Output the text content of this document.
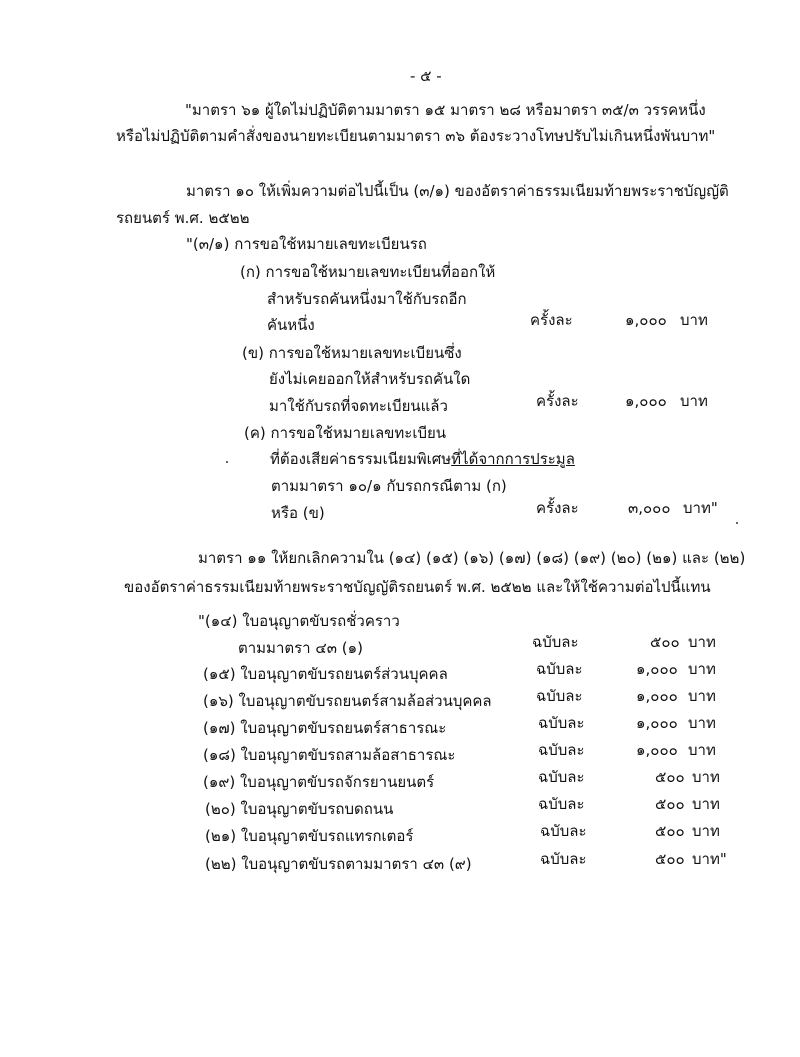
- ๕ -
"มาตรา ๖๑ ผู้ใดไม่ปฏิบัติตามมาตรา ๑๕ มาตรา ๒๘ หรือมาตรา ๓๕/๓ วรรคหนึ่ง
หรือไม่ปฏิบัติตามคำสั่งของนายทะเบียนตามมาตรา ๓๖ ต้องระวางโทษปรับไม่เกินหนึ่งพันบาท"
มาตรา ๑๐ ให้เพิ่มความต่อไปนี้เป็น (๓/๑) ของอัตราค่าธรรมเนียมท้ายพระราชบัญญัติ
รถยนตร์ พ.ศ. ๒๕๒๒
"(๓/๑) การขอใช้หมายเลขทะเบียนรถ
(ก) การขอใช้หมายเลขทะเบียนที่ออกให้
สำหรับรถคันหนึ่งมาใช้กับรถอีก
คันหนึ่ง	ครั้งละ	๑,๐๐๐ บาท
(ข) การขอใช้หมายเลขทะเบียนซึ่ง
ยังไม่เคยออกให้สำหรับรถคันใด
มาใช้กับรถที่จดทะเบียนแล้ว	ครั้งละ	๑,๐๐๐ บาท
(ค) การขอใช้หมายเลขทะเบียน
ที่ต้องเสียค่าธรรมเนียมพิเศษที่ได้จากการประมูล
ตามมาตรา ๑๐/๑ กับรถกรณีตาม (ก)
หรือ (ข)	ครั้งละ	๓,๐๐๐ บาท"
มาตรา ๑๑ ให้ยกเลิกความใน (๑๔) (๑๕) (๑๖) (๑๗) (๑๘) (๑๙) (๒๐) (๒๑) และ (๒๒)
ของอัตราค่าธรรมเนียมท้ายพระราชบัญญัติรถยนตร์ พ.ศ. ๒๕๒๒ และให้ใช้ความต่อไปนี้แทน
"(๑๔) ใบอนุญาตขับรถชั่วคราว
ตามมาตรา ๔๓ (๑)	ฉบับละ	๕๐๐ บาท
(๑๕) ใบอนุญาตขับรถยนตร์ส่วนบุคคล	ฉบับละ	๑,๐๐๐ บาท
(๑๖) ใบอนุญาตขับรถยนตร์สามล้อส่วนบุคคล	ฉบับละ	๑,๐๐๐ บาท
(๑๗) ใบอนุญาตขับรถยนตร์สาธารณะ	ฉบับละ	๑,๐๐๐ บาท
(๑๘) ใบอนุญาตขับรถสามล้อสาธารณะ	ฉบับละ	๑,๐๐๐ บาท
(๑๙) ใบอนุญาตขับรถจักรยานยนตร์	ฉบับละ	๕๐๐ บาท
(๒๐) ใบอนุญาตขับรถบดถนน	ฉบับละ	๕๐๐ บาท
(๒๑) ใบอนุญาตขับรถแทรกเตอร์	ฉบับละ	๕๐๐ บาท
(๒๒) ใบอนุญาตขับรถตามมาตรา ๔๓ (๙)	ฉบับละ	๕๐๐ บาท"
